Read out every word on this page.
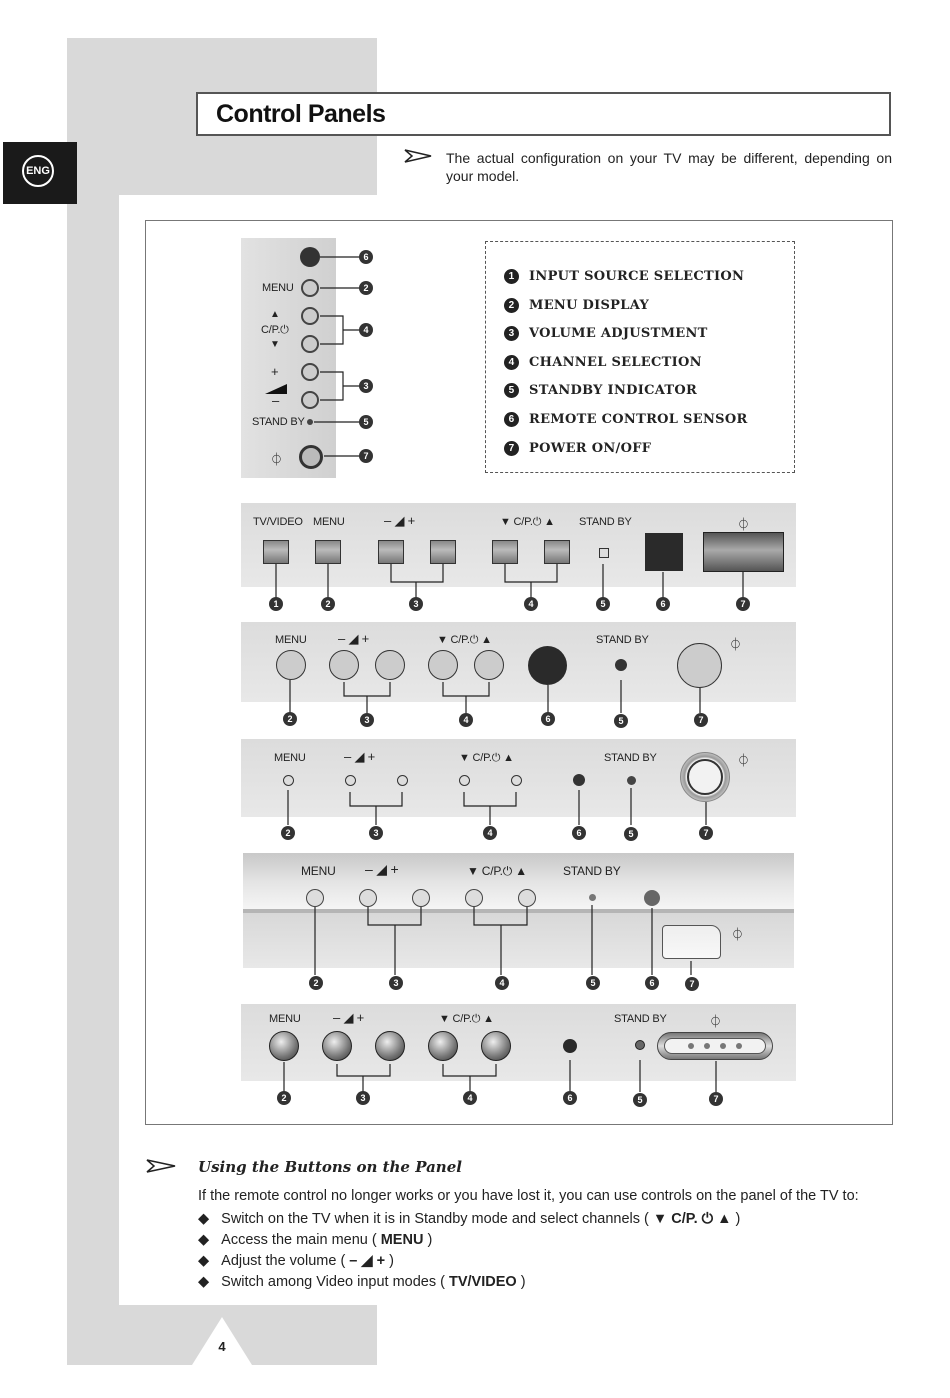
ENG
Control Panels
The actual configuration on your TV may be different, depending on your model.
MENU
▲
C/P.⏻
▼
+
–
STAND BY
⏀
6
2
4
3
5
7
1 INPUT SOURCE SELECTION
2 MENU DISPLAY
3 VOLUME ADJUSTMENT
4 CHANNEL SELECTION
5 STANDBY INDICATOR
6 REMOTE CONTROL SENSOR
7 POWER ON/OFF
TV/VIDEO MENU	– ◢ +	▼ C/P.⏻ ▲ STAND BY	⏀
1	2	3	4	5	6	7
MENU – ◢ +	▼ C/P.⏻ ▲	STAND BY	⏀
2	3	4	6	5	7
MENU	– ◢ +	▼ C/P.⏻ ▲	STAND BY	⏀
2	3	4	6	5	7
MENU – ◢ +	▼ C/P.⏻ ▲	STAND BY
⏀
2	3	4	5	6	7
MENU – ◢ +	▼ C/P.⏻ ▲	STAND BY	⏀
2	3	4	6	5	7
Using the Buttons on the Panel
If the remote control no longer works or you have lost it, you can use controls on the panel of the TV to:
◆ Switch on the TV when it is in Standby mode and select channels ( ▼ C/P. ⏻ ▲ )
◆ Access the main menu ( MENU )
◆ Adjust the volume ( – ◢ + )
◆ Switch among Video input modes ( TV/VIDEO )
4
